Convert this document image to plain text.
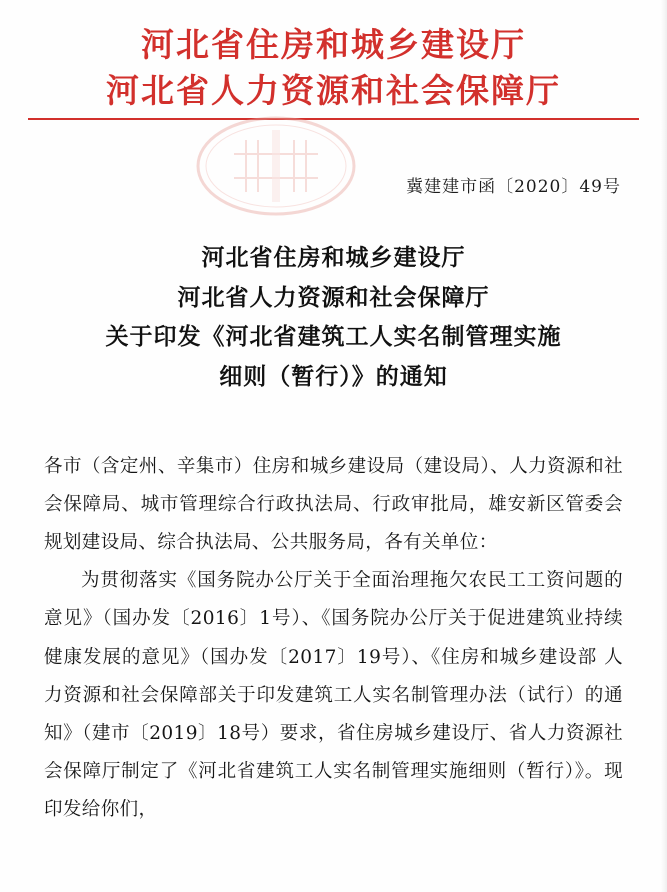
河北省住房和城乡建设厅
河北省人力资源和社会保障厅
冀建建市函〔2020〕49号
河北省住房和城乡建设厅
河北省人力资源和社会保障厅
关于印发《河北省建筑工人实名制管理实施
细则（暂行）》的通知

各市（含定州、辛集市）住房和城乡建设局（建设局）、人力资源和社会保障局、城市管理综合行政执法局、行政审批局，雄安新区管委会规划建设局、综合执法局、公共服务局，各有关单位：

为贯彻落实《国务院办公厅关于全面治理拖欠农民工工资问题的意见》（国办发〔2016〕1号）、《国务院办公厅关于促进建筑业持续健康发展的意见》（国办发〔2017〕19号）、《住房和城乡建设部 人力资源和社会保障部关于印发建筑工人实名制管理办法（试行）的通知》（建市〔2019〕18号）要求，省住房城乡建设厅、省人力资源社会保障厅制定了《河北省建筑工人实名制管理实施细则（暂行）》。现印发给你们，
